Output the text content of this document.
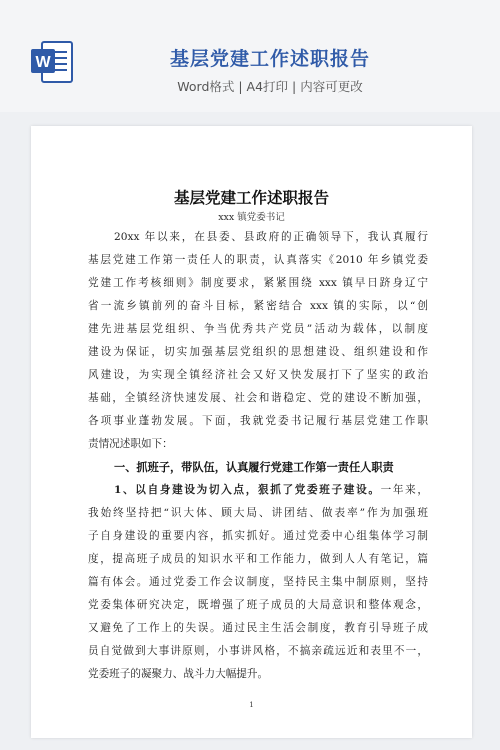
W	基层党建工作述职报告
Word格式 | A4打印 | 内容可更改
基层党建工作述职报告
xxx 镇党委书记
20xx 年以来，在县委、县政府的正确领导下，我认真履行
基层党建工作第一责任人的职责，认真落实《2010 年乡镇党委
党建工作考核细则》制度要求，紧紧围绕 xxx 镇早日跻身辽宁
省一流乡镇前列的奋斗目标，紧密结合 xxx 镇的实际，以“创
建先进基层党组织、争当优秀共产党员”活动为载体，以制度
建设为保证，切实加强基层党组织的思想建设、组织建设和作
风建设，为实现全镇经济社会又好又快发展打下了坚实的政治
基础，全镇经济快速发展、社会和谐稳定、党的建设不断加强，
各项事业蓬勃发展。下面，我就党委书记履行基层党建工作职
责情况述职如下：
一、抓班子，带队伍，认真履行党建工作第一责任人职责
1、以自身建设为切入点，狠抓了党委班子建设。一年来，
我始终坚持把“识大体、顾大局、讲团结、做表率”作为加强班
子自身建设的重要内容，抓实抓好。通过党委中心组集体学习制
度，提高班子成员的知识水平和工作能力，做到人人有笔记，篇
篇有体会。通过党委工作会议制度，坚持民主集中制原则，坚持
党委集体研究决定，既增强了班子成员的大局意识和整体观念，
又避免了工作上的失误。通过民主生活会制度，教育引导班子成
员自觉做到大事讲原则，小事讲风格，不搞亲疏远近和表里不一，
党委班子的凝聚力、战斗力大幅提升。
1
